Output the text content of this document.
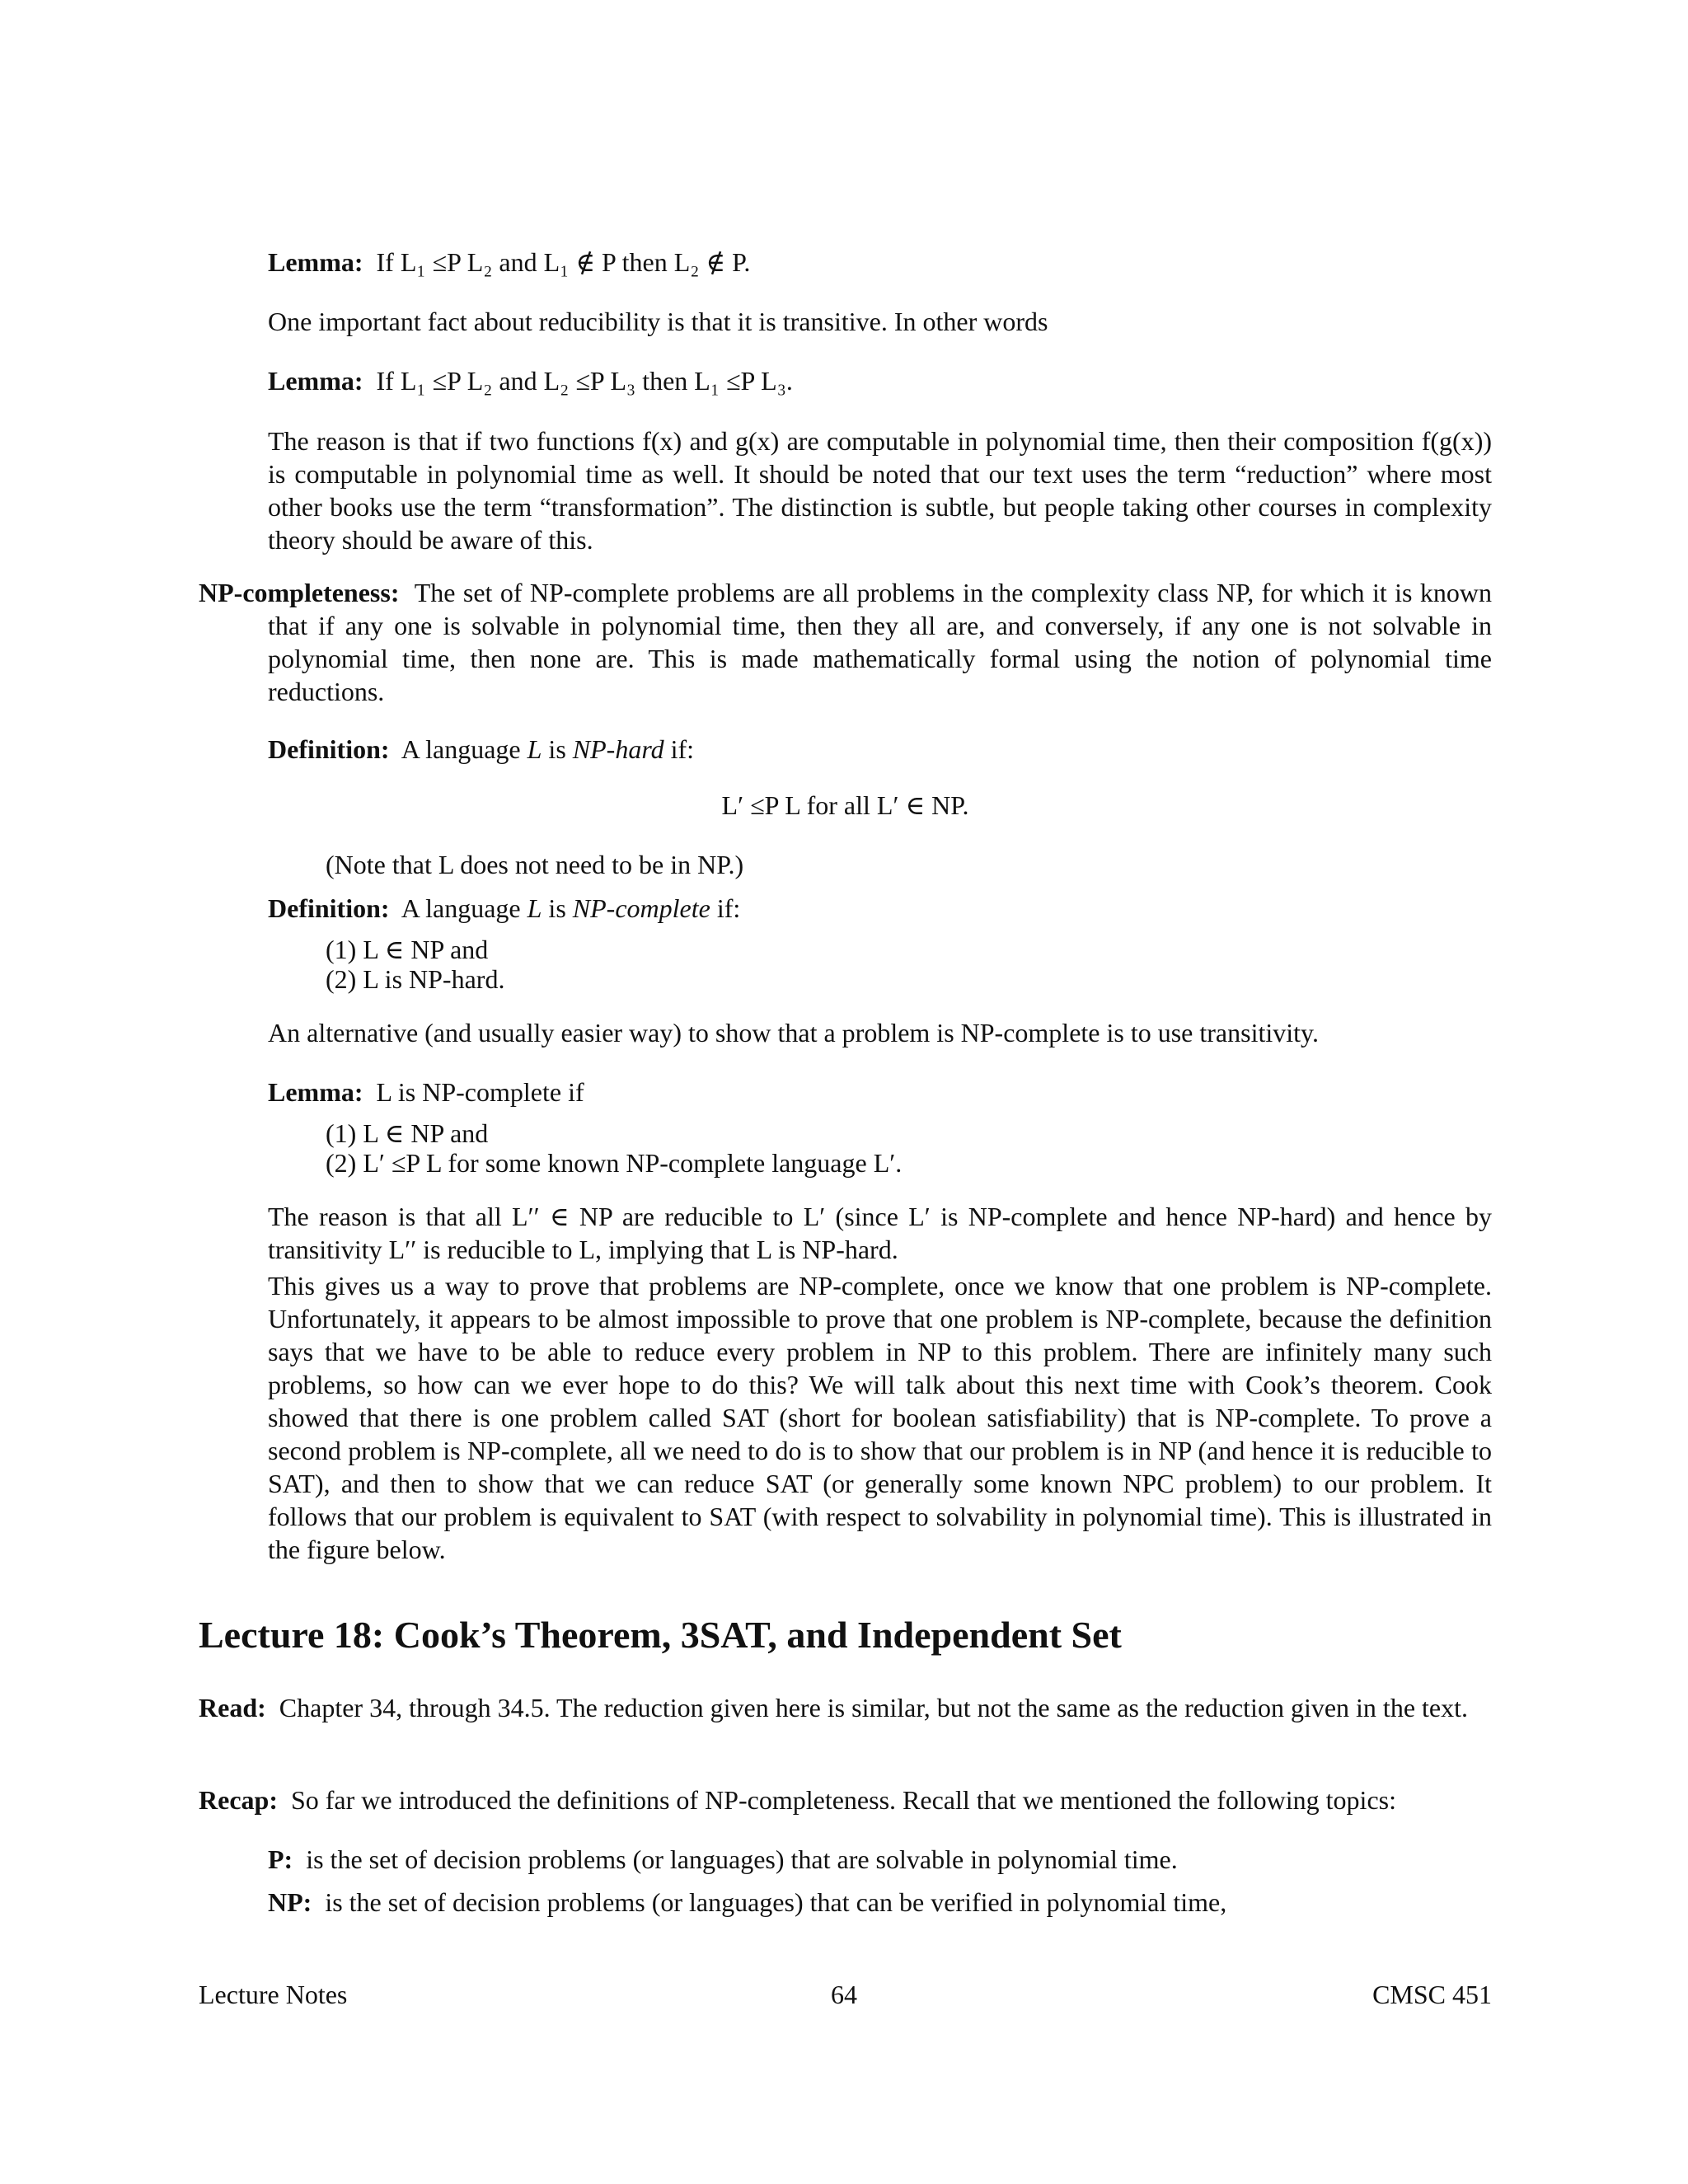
Lemma: If L₁ ≤P L₂ and L₁ ∉ P then L₂ ∉ P.

One important fact about reducibility is that it is transitive. In other words

Lemma: If L₁ ≤P L₂ and L₂ ≤P L₃ then L₁ ≤P L₃.

The reason is that if two functions f(x) and g(x) are computable in polynomial time, then their composition f(g(x)) is computable in polynomial time as well. It should be noted that our text uses the term “reduction” where most other books use the term “transformation”. The distinction is subtle, but people taking other courses in complexity theory should be aware of this.

NP-completeness: The set of NP-complete problems are all problems in the complexity class NP, for which it is known that if any one is solvable in polynomial time, then they all are, and conversely, if any one is not solvable in polynomial time, then none are. This is made mathematically formal using the notion of polynomial time reductions.

Definition: A language L is NP-hard if:

L′ ≤P L for all L′ ∈ NP.

(Note that L does not need to be in NP.)

Definition: A language L is NP-complete if:

(1) L ∈ NP and
(2) L is NP-hard.

An alternative (and usually easier way) to show that a problem is NP-complete is to use transitivity.

Lemma: L is NP-complete if

(1) L ∈ NP and
(2) L′ ≤P L for some known NP-complete language L′.

The reason is that all L′′ ∈ NP are reducible to L′ (since L′ is NP-complete and hence NP-hard) and hence by transitivity L′′ is reducible to L, implying that L is NP-hard.

This gives us a way to prove that problems are NP-complete, once we know that one problem is NP-complete. Unfortunately, it appears to be almost impossible to prove that one problem is NP-complete, because the definition says that we have to be able to reduce every problem in NP to this problem. There are infinitely many such problems, so how can we ever hope to do this? We will talk about this next time with Cook’s theorem. Cook showed that there is one problem called SAT (short for boolean satisfiability) that is NP-complete. To prove a second problem is NP-complete, all we need to do is to show that our problem is in NP (and hence it is reducible to SAT), and then to show that we can reduce SAT (or generally some known NPC problem) to our problem. It follows that our problem is equivalent to SAT (with respect to solvability in polynomial time). This is illustrated in the figure below.

Lecture 18: Cook’s Theorem, 3SAT, and Independent Set

Read: Chapter 34, through 34.5. The reduction given here is similar, but not the same as the reduction given in the text.

Recap: So far we introduced the definitions of NP-completeness. Recall that we mentioned the following topics:

P: is the set of decision problems (or languages) that are solvable in polynomial time.

NP: is the set of decision problems (or languages) that can be verified in polynomial time,

Lecture Notes	64	CMSC 451
